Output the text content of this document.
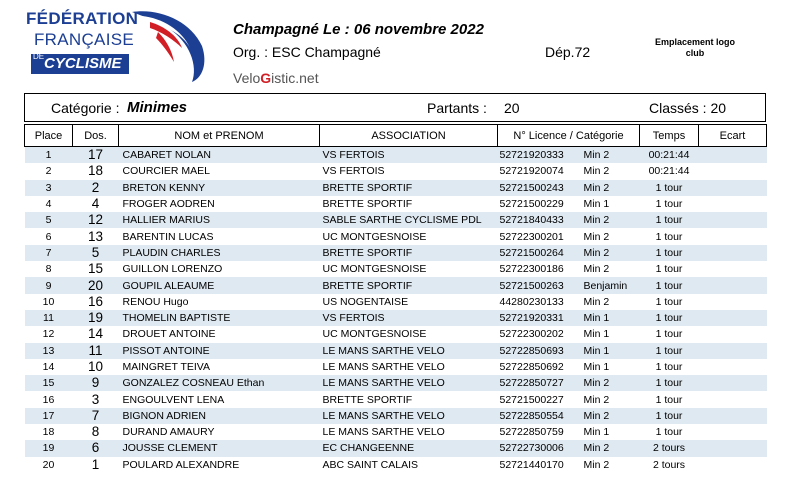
FÉDÉRATION
FRANÇAISE
DE CYCLISME
Champagné Le : 06 novembre 2022
Org. : ESC Champagné	Dép.72
Emplacement logo club
VeloGistic.net
Catégorie : Minimes	Partants : 20	Classés : 20
Place	Dos.	NOM et PRENOM	ASSOCIATION	N° Licence / Catégorie	Temps	Ecart
1	17	CABARET NOLAN	VS FERTOIS	52721920333 Min 2	00:21:44	
2	18	COURCIER MAEL	VS FERTOIS	52721920074 Min 2	00:21:44	
3	2	BRETON KENNY	BRETTE SPORTIF	52721500243 Min 2	1 tour	
4	4	FROGER AODREN	BRETTE SPORTIF	52721500229 Min 1	1 tour	
5	12	HALLIER MARIUS	SABLE SARTHE CYCLISME PDL	52721840433 Min 2	1 tour	
6	13	BARENTIN LUCAS	UC MONTGESNOISE	52722300201 Min 2	1 tour	
7	5	PLAUDIN CHARLES	BRETTE SPORTIF	52721500264 Min 2	1 tour	
8	15	GUILLON LORENZO	UC MONTGESNOISE	52722300186 Min 2	1 tour	
9	20	GOUPIL ALEAUME	BRETTE SPORTIF	52721500263 Benjamin	1 tour	
10	16	RENOU Hugo	US NOGENTAISE	44280230133 Min 2	1 tour	
11	19	THOMELIN BAPTISTE	VS FERTOIS	52721920331 Min 1	1 tour	
12	14	DROUET ANTOINE	UC MONTGESNOISE	52722300202 Min 1	1 tour	
13	11	PISSOT ANTOINE	LE MANS SARTHE VELO	52722850693 Min 1	1 tour	
14	10	MAINGRET TEIVA	LE MANS SARTHE VELO	52722850692 Min 1	1 tour	
15	9	GONZALEZ COSNEAU Ethan	LE MANS SARTHE VELO	52722850727 Min 2	1 tour	
16	3	ENGOULVENT LENA	BRETTE SPORTIF	52721500227 Min 2	1 tour	
17	7	BIGNON ADRIEN	LE MANS SARTHE VELO	52722850554 Min 2	1 tour	
18	8	DURAND AMAURY	LE MANS SARTHE VELO	52722850759 Min 1	1 tour	
19	6	JOUSSE CLEMENT	EC CHANGEENNE	52722730006 Min 2	2 tours	
20	1	POULARD ALEXANDRE	ABC SAINT CALAIS	52721440170 Min 2	2 tours	
